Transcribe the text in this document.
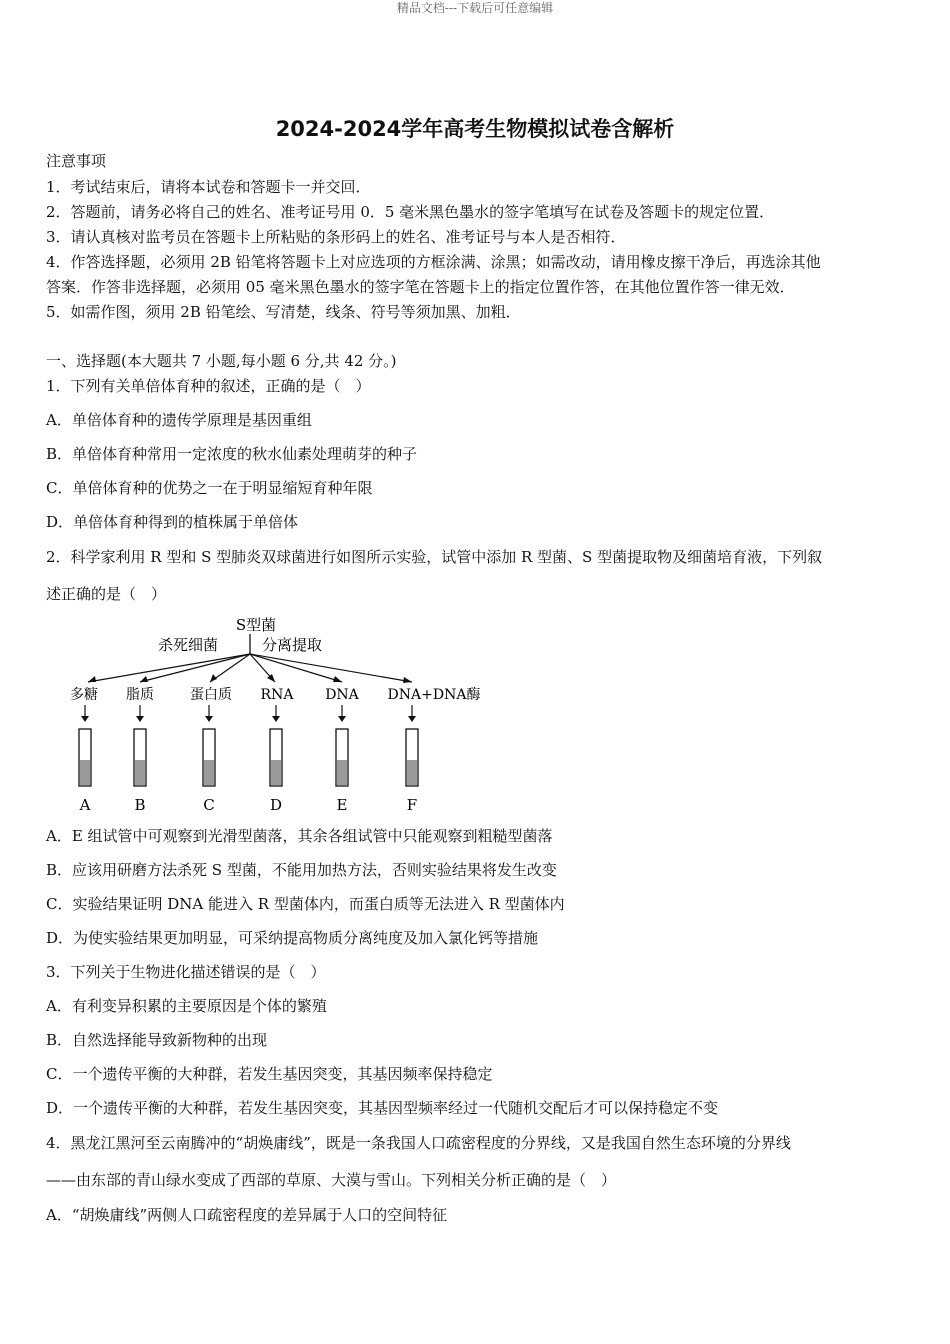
精品文档---下载后可任意编辑
2024-2024学年高考生物模拟试卷含解析
注意事项
1．考试结束后，请将本试卷和答题卡一并交回．
2．答题前，请务必将自己的姓名、准考证号用 0．5 毫米黑色墨水的签字笔填写在试卷及答题卡的规定位置．
3．请认真核对监考员在答题卡上所粘贴的条形码上的姓名、准考证号与本人是否相符．
4．作答选择题，必须用 2B 铅笔将答题卡上对应选项的方框涂满、涂黑；如需改动，请用橡皮擦干净后，再选涂其他
答案．作答非选择题，必须用 05 毫米黑色墨水的签字笔在答题卡上的指定位置作答，在其他位置作答一律无效．
5．如需作图，须用 2B 铅笔绘、写清楚，线条、符号等须加黑、加粗．
一、选择题(本大题共 7 小题,每小题 6 分,共 42 分。)
1．下列有关单倍体育种的叙述，正确的是（　）
A．单倍体育种的遗传学原理是基因重组
B．单倍体育种常用一定浓度的秋水仙素处理萌芽的种子
C．单倍体育种的优势之一在于明显缩短育种年限
D．单倍体育种得到的植株属于单倍体
2．科学家利用 R 型和 S 型肺炎双球菌进行如图所示实验，试管中添加 R 型菌、S 型菌提取物及细菌培育液，下列叙
述正确的是（　）
S型菌
杀死细菌	分离提取
多糖 脂质	蛋白质 RNA DNA DNA+DNA酶
A	B	C	D	E	F
A．E 组试管中可观察到光滑型菌落，其余各组试管中只能观察到粗糙型菌落
B．应该用研磨方法杀死 S 型菌，不能用加热方法，否则实验结果将发生改变
C．实验结果证明 DNA 能进入 R 型菌体内，而蛋白质等无法进入 R 型菌体内
D．为使实验结果更加明显，可采纳提高物质分离纯度及加入氯化钙等措施
3．下列关于生物进化描述错误的是（　）
A．有利变异积累的主要原因是个体的繁殖
B．自然选择能导致新物种的出现
C．一个遗传平衡的大种群，若发生基因突变，其基因频率保持稳定
D．一个遗传平衡的大种群，若发生基因突变，其基因型频率经过一代随机交配后才可以保持稳定不变
4．黑龙江黑河至云南腾冲的“胡焕庸线”，既是一条我国人口疏密程度的分界线，又是我国自然生态环境的分界线
——由东部的青山绿水变成了西部的草原、大漠与雪山。下列相关分析正确的是（　）
A．“胡焕庸线”两侧人口疏密程度的差异属于人口的空间特征
